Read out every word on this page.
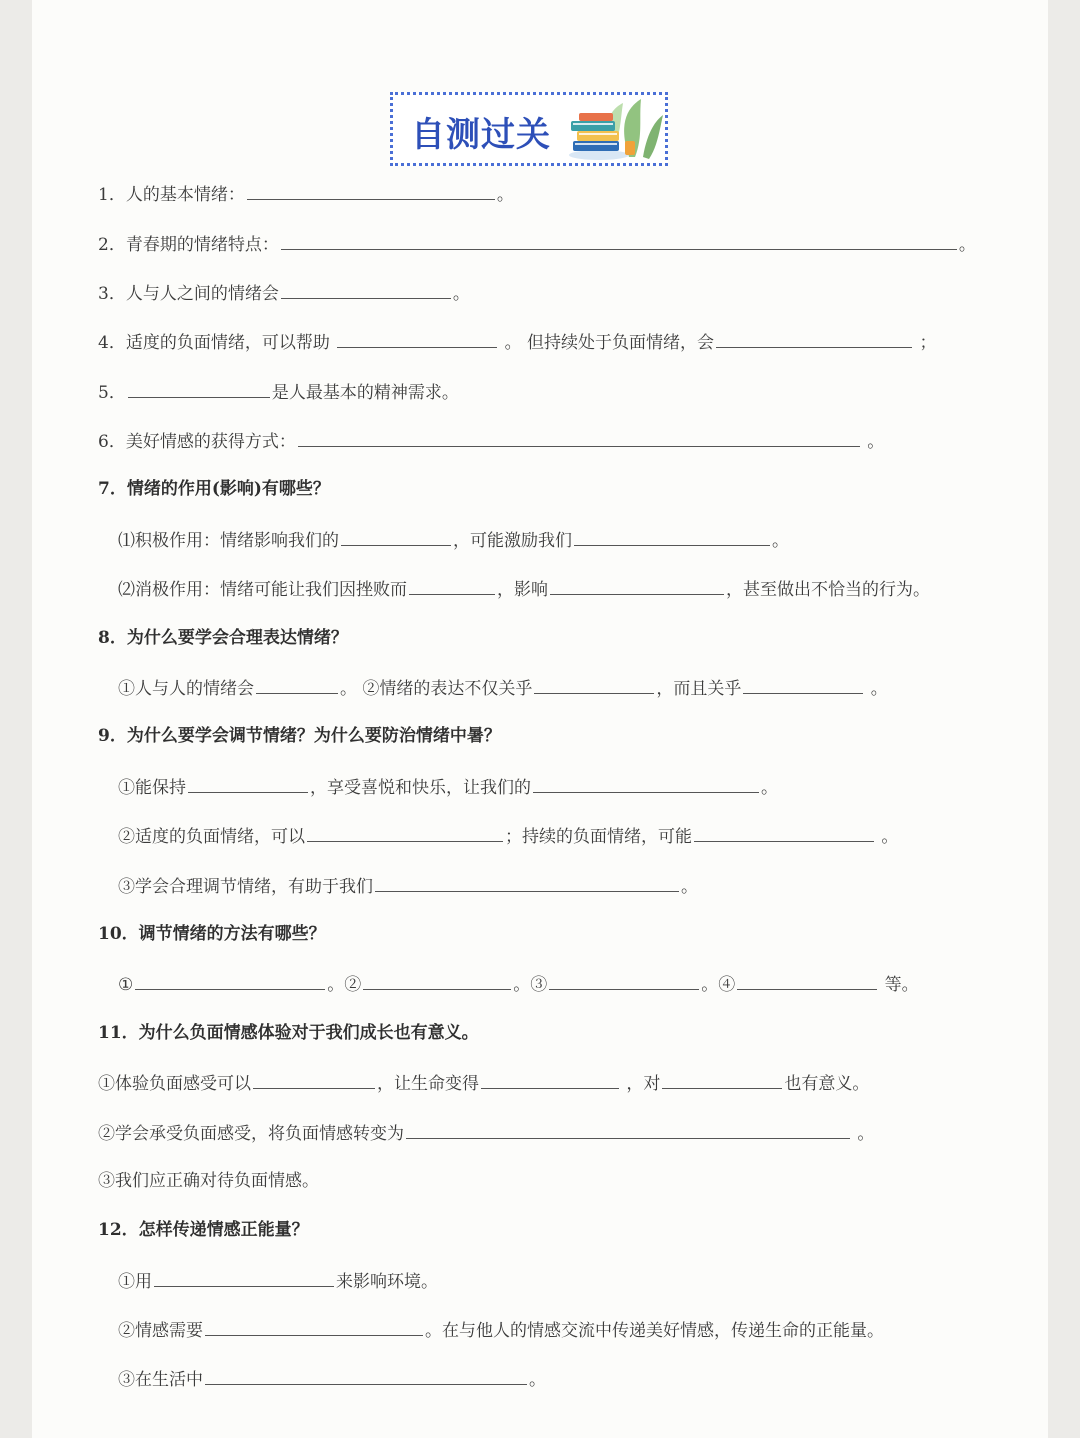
自测过关
1．人的基本情绪：	。
2．青春期的情绪特点：	。
3．人与人之间的情绪会	。
4．适度的负面情绪，可以帮助	。 但持续处于负面情绪，会	；
5．	是人最基本的精神需求。
6．美好情感的获得方式：	。
7．情绪的作用(影响)有哪些？
⑴积极作用：情绪影响我们的	，可能激励我们	。
⑵消极作用：情绪可能让我们因挫败而	，影响	，甚至做出不恰当的行为。
8．为什么要学会合理表达情绪？
①人与人的情绪会	。 ②情绪的表达不仅关乎	，而且关乎	。
9．为什么要学会调节情绪？为什么要防治情绪中暑？
①能保持	，享受喜悦和快乐，让我们的	。
②适度的负面情绪，可以	；持续的负面情绪，可能	。
③学会合理调节情绪，有助于我们	。
10．调节情绪的方法有哪些？
①	。②	。③	。④	等。
11．为什么负面情感体验对于我们成长也有意义。
①体验负面感受可以	，让生命变得	，对	也有意义。
②学会承受负面感受，将负面情感转变为	。
③我们应正确对待负面情感。
12．怎样传递情感正能量？
①用	来影响环境。
②情感需要	。在与他人的情感交流中传递美好情感，传递生命的正能量。
③在生活中	。
